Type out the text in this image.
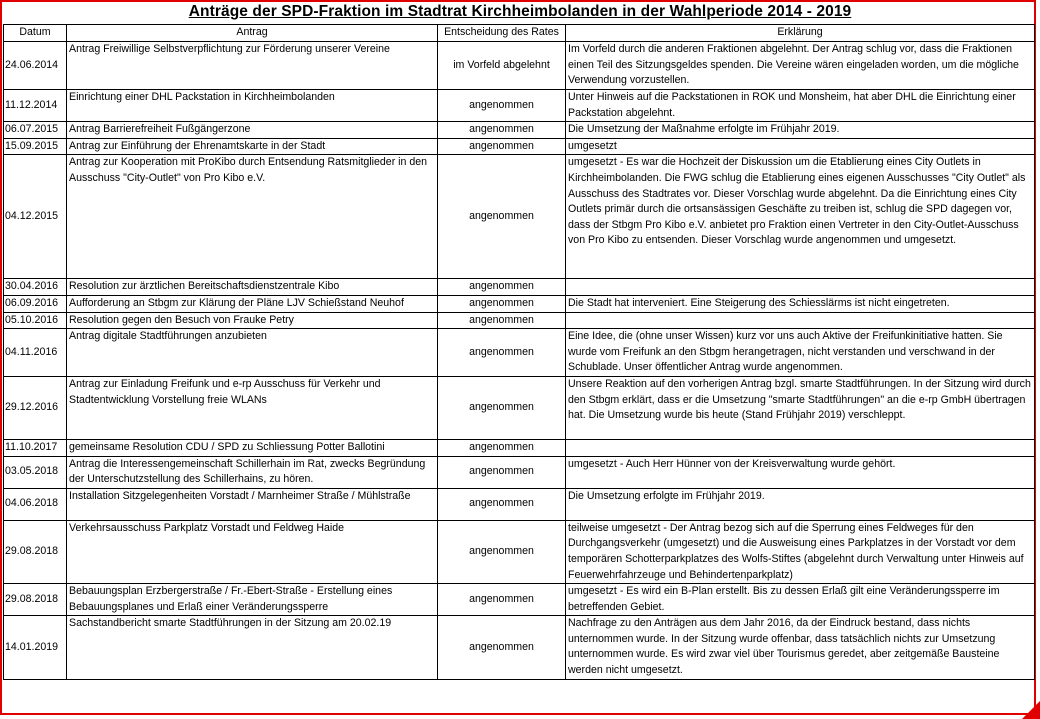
Anträge der SPD-Fraktion im Stadtrat Kirchheimbolanden in der Wahlperiode 2014 - 2019
Datum	Antrag	Entscheidung des Rates	Erklärung
24.06.2014	Antrag Freiwillige Selbstverpflichtung zur Förderung unserer Vereine	im Vorfeld abgelehnt	Im Vorfeld durch die anderen Fraktionen abgelehnt. Der Antrag schlug vor, dass die Fraktionen einen Teil des Sitzungsgeldes spenden. Die Vereine wären eingeladen worden, um die mögliche Verwendung vorzustellen.
11.12.2014	Einrichtung einer DHL Packstation in Kirchheimbolanden	angenommen	Unter Hinweis auf die Packstationen in ROK und Monsheim, hat aber DHL die Einrichtung einer Packstation abgelehnt.
06.07.2015	Antrag Barrierefreiheit Fußgängerzone	angenommen	Die Umsetzung der Maßnahme erfolgte im Frühjahr 2019.
15.09.2015	Antrag zur Einführung der Ehrenamtskarte in der Stadt	angenommen	umgesetzt
04.12.2015	Antrag zur Kooperation mit ProKibo durch Entsendung Ratsmitglieder in den Ausschuss "City-Outlet" von Pro Kibo e.V.	angenommen	umgesetzt - Es war die Hochzeit der Diskussion um die Etablierung eines City Outlets in Kirchheimbolanden. Die FWG schlug die Etablierung eines eigenen Ausschusses "City Outlet" als Ausschuss des Stadtrates vor. Dieser Vorschlag wurde abgelehnt. Da die Einrichtung eines City Outlets primär durch die ortsansässigen Geschäfte zu treiben ist, schlug die SPD dagegen vor, dass der Stbgm Pro Kibo e.V. anbietet pro Fraktion einen Vertreter in den City-Outlet-Ausschuss von Pro Kibo zu entsenden. Dieser Vorschlag wurde angenommen und umgesetzt.
30.04.2016	Resolution zur ärztlichen Bereitschaftsdienstzentrale Kibo	angenommen	
06.09.2016	Aufforderung an Stbgm zur Klärung der Pläne LJV Schießstand Neuhof	angenommen	Die Stadt hat interveniert. Eine Steigerung des Schiesslärms ist nicht eingetreten.
05.10.2016	Resolution gegen den Besuch von Frauke Petry	angenommen	
04.11.2016	Antrag digitale Stadtführungen anzubieten	angenommen	Eine Idee, die (ohne unser Wissen) kurz vor uns auch Aktive der Freifunkinitiative hatten. Sie wurde vom Freifunk an den Stbgm herangetragen, nicht verstanden und verschwand in der Schublade. Unser öffentlicher Antrag wurde angenommen.
29.12.2016	Antrag zur Einladung Freifunk und e-rp Ausschuss für Verkehr und Stadtentwicklung Vorstellung freie WLANs	angenommen	Unsere Reaktion auf den vorherigen Antrag bzgl. smarte Stadtführungen. In der Sitzung wird durch den Stbgm erklärt, dass er die Umsetzung "smarte Stadtführungen" an die e-rp GmbH übertragen hat. Die Umsetzung wurde bis heute (Stand Frühjahr 2019) verschleppt.
11.10.2017	gemeinsame Resolution CDU / SPD zu Schliessung Potter Ballotini	angenommen	
03.05.2018	Antrag die Interessengemeinschaft Schillerhain im Rat, zwecks Begründung der Unterschutzstellung des Schillerhains, zu hören.	angenommen	umgesetzt - Auch Herr Hünner von der Kreisverwaltung wurde gehört.
04.06.2018	Installation Sitzgelegenheiten Vorstadt / Marnheimer Straße / Mühlstraße	angenommen	Die Umsetzung erfolgte im Frühjahr 2019.
29.08.2018	Verkehrsausschuss Parkplatz Vorstadt und Feldweg Haide	angenommen	teilweise umgesetzt - Der Antrag bezog sich auf die Sperrung eines Feldweges für den Durchgangsverkehr (umgesetzt) und die Ausweisung eines Parkplatzes in der Vorstadt vor dem temporären Schotterparkplatzes des Wolfs-Stiftes (abgelehnt durch Verwaltung unter Hinweis auf Feuerwehrfahrzeuge und Behindertenparkplatz)
29.08.2018	Bebauungsplan Erzbergerstraße / Fr.-Ebert-Straße - Erstellung eines Bebauungsplanes und Erlaß einer Veränderungssperre	angenommen	umgesetzt - Es wird ein B-Plan erstellt. Bis zu dessen Erlaß gilt eine Veränderungssperre im betreffenden Gebiet.
14.01.2019	Sachstandbericht smarte Stadtführungen in der Sitzung am 20.02.19	angenommen	Nachfrage zu den Anträgen aus dem Jahr 2016, da der Eindruck bestand, dass nichts unternommen wurde. In der Sitzung wurde offenbar, dass tatsächlich nichts zur Umsetzung unternommen wurde. Es wird zwar viel über Tourismus geredet, aber zeitgemäße Bausteine werden nicht umgesetzt.
